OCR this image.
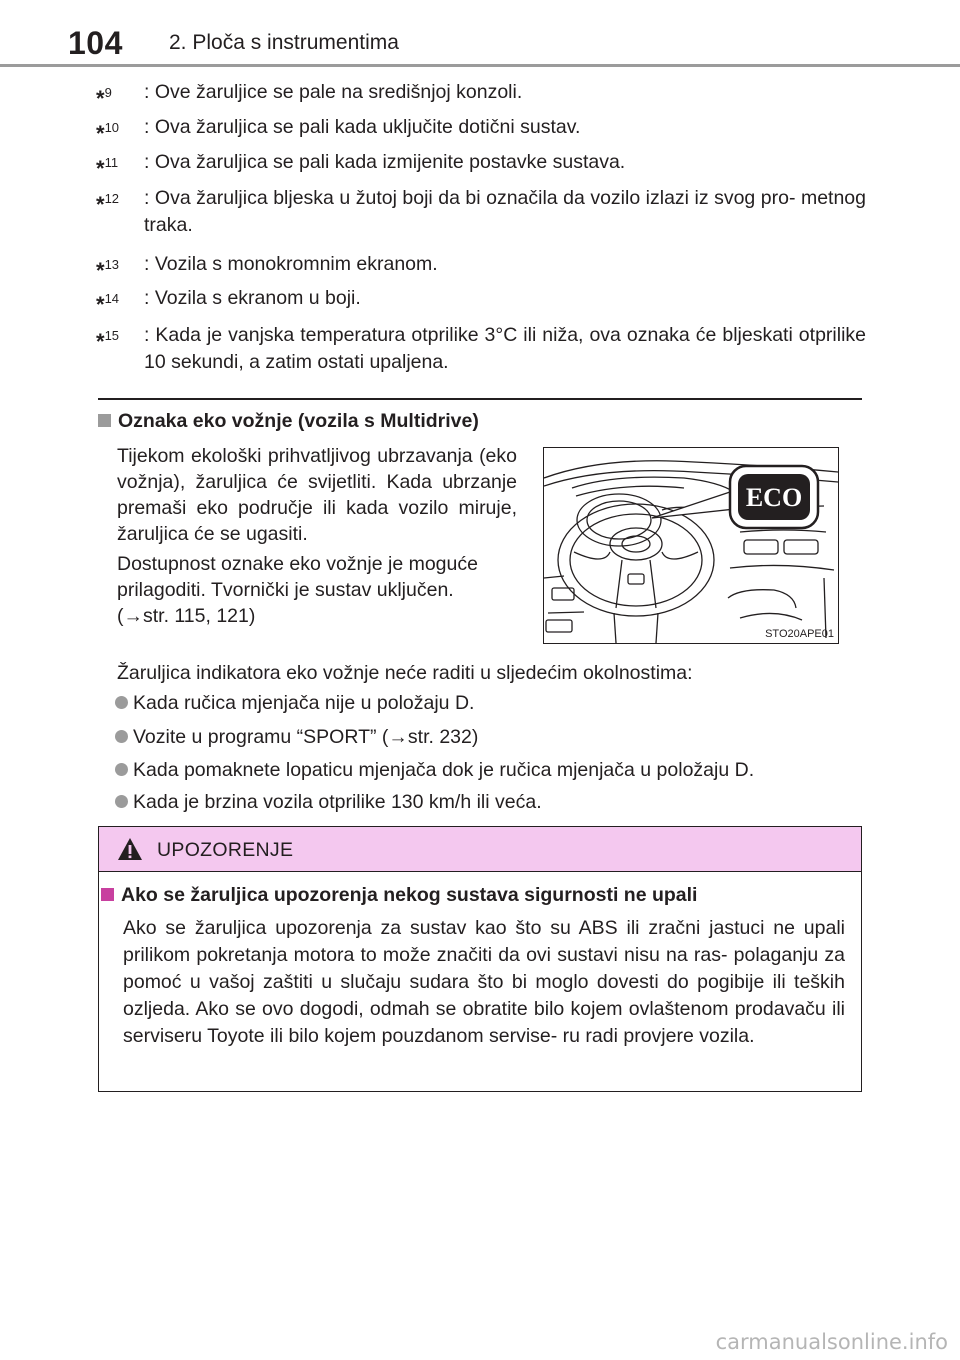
104 2. Ploča s instrumentima
*$^9$	: Ove žaruljice se pale na središnjoj konzoli.
*$^{10}$	: Ova žaruljica se pali kada uključite dotični sustav.
*$^{11}$	: Ova žaruljica se pali kada izmijenite postavke sustava.
*$^{12}$	: Ova žaruljica bljeska u žutoj boji da bi označila da vozilo izlazi iz svog pro- metnog traka.
*$^{13}$	: Vozila s monokromnim ekranom.
*$^{14}$	: Vozila s ekranom u boji.
*$^{15}$	: Kada je vanjska temperatura otprilike 3°C ili niža, ova oznaka će bljeskati otprilike 10 sekundi, a zatim ostati upaljena.
Oznaka eko vožnje (vozila s Multidrive)
Tijekom ekološki prihvatljivog ubrzavanja (eko vožnja), žaruljica će svijetliti. Kada ubrzanje premaši eko područje ili kada vozilo miruje, žaruljica će se ugasiti.
Dostupnost oznake eko vožnje je moguće
prilagoditi. Tvornički je sustav uključen.
(→str. 115, 121)
ECO
STO20APE01
Žaruljica indikatora eko vožnje neće raditi u sljedećim okolnostima:
Kada ručica mjenjača nije u položaju D.
Vozite u programu “SPORT” (→str. 232)
Kada pomaknete lopaticu mjenjača dok je ručica mjenjača u položaju D.
Kada je brzina vozila otprilike 130 km/h ili veća.
UPOZORENJE
Ako se žaruljica upozorenja nekog sustava sigurnosti ne upali
Ako se žaruljica upozorenja za sustav kao što su ABS ili zračni jastuci ne upali prilikom pokretanja motora to može značiti da ovi sustavi nisu na ras- polaganju za pomoć u vašoj zaštiti u slučaju sudara što bi moglo dovesti do pogibije ili teških ozljeda. Ako se ovo dogodi, odmah se obratite bilo kojem ovlaštenom prodavaču ili serviseru Toyote ili bilo kojem pouzdanom servise- ru radi provjere vozila.
carmanualsonline.info
